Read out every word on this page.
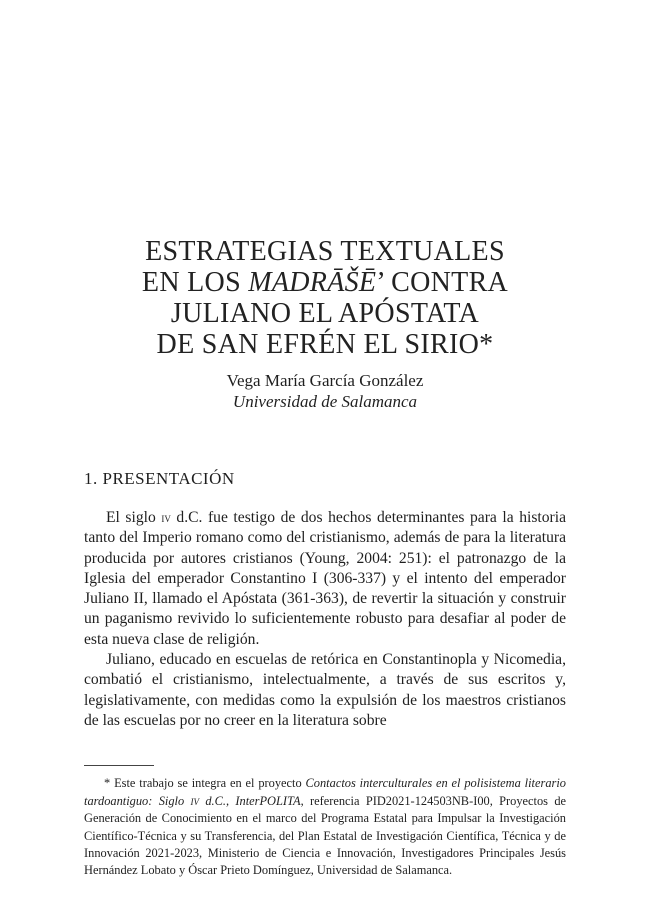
ESTRATEGIAS TEXTUALES
EN LOS MADRĀŠĒ’ CONTRA
JULIANO EL APÓSTATA
DE SAN EFRÉN EL SIRIO*
Vega María García González
Universidad de Salamanca
1. PRESENTACIÓN

El siglo iv d.C. fue testigo de dos hechos determinantes para la historia tanto del Imperio romano como del cristianismo, además de para la literatura producida por autores cristianos (Young, 2004: 251): el patronazgo de la Iglesia del emperador Constantino I (306-337) y el intento del emperador Juliano II, llamado el Apóstata (361-363), de revertir la situación y construir un paganismo revivido lo suficientemente robusto para desafiar al poder de esta nueva clase de religión.

Juliano, educado en escuelas de retórica en Constantinopla y Nicomedia, combatió el cristianismo, intelectualmente, a través de sus escritos y, legislativamente, con medidas como la expulsión de los maestros cristianos de las escuelas por no creer en la literatura sobre

* Este trabajo se integra en el proyecto Contactos interculturales en el polisistema literario tardoantiguo: Siglo iv d.C., InterPOLITA, referencia PID2021-124503NB-I00, Proyectos de Generación de Conocimiento en el marco del Programa Estatal para Impulsar la Investigación Científico-Técnica y su Transferencia, del Plan Estatal de Investigación Científica, Técnica y de Innovación 2021-2023, Ministerio de Ciencia e Innovación, Investigadores Principales Jesús Hernández Lobato y Óscar Prieto Domínguez, Universidad de Salamanca.
